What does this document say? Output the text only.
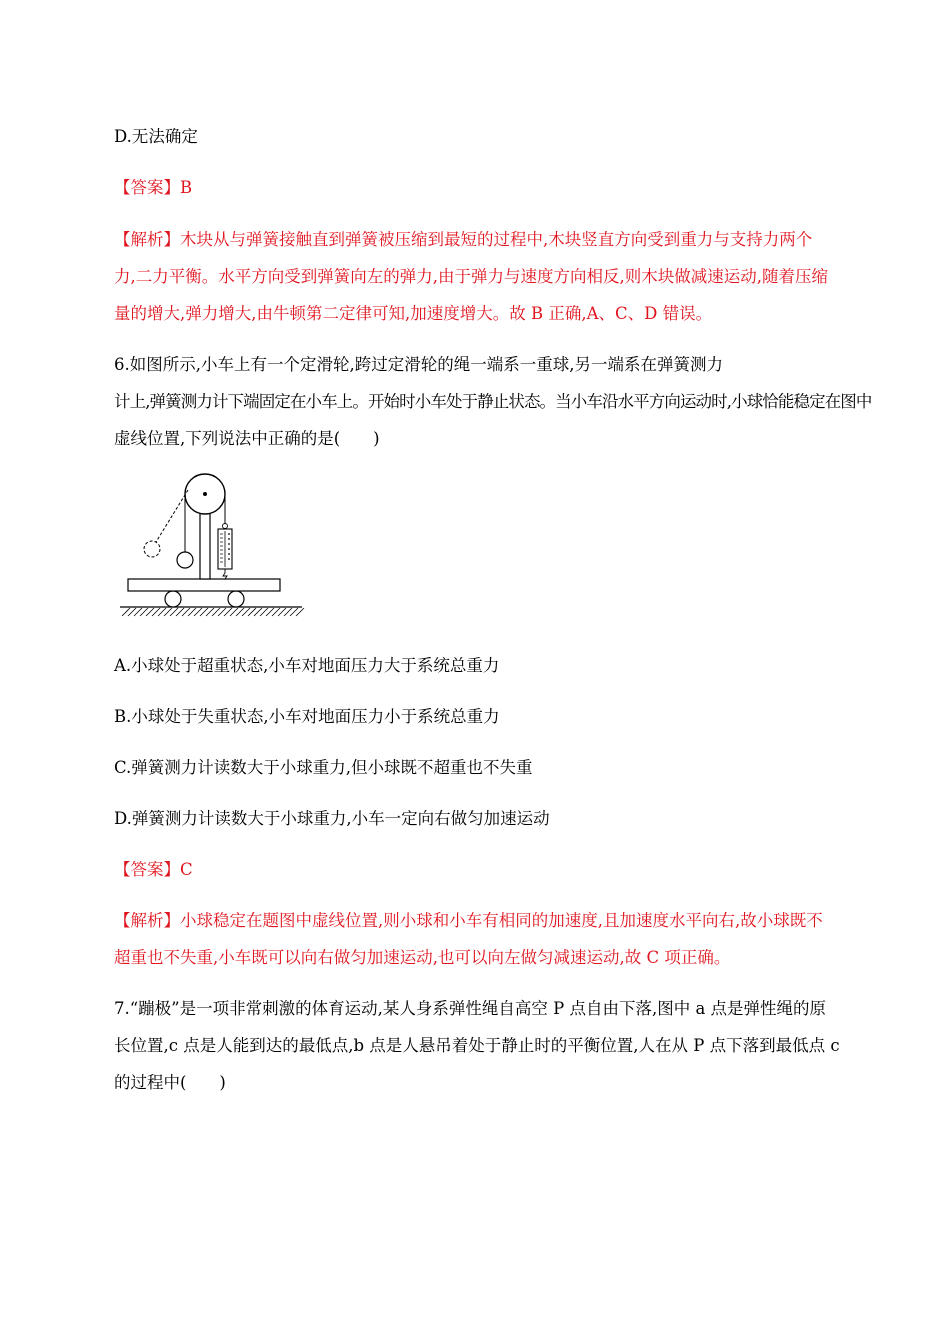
D.无法确定
【答案】B
【解析】木块从与弹簧接触直到弹簧被压缩到最短的过程中,木块竖直方向受到重力与支持力两个
力,二力平衡。水平方向受到弹簧向左的弹力,由于弹力与速度方向相反,则木块做减速运动,随着压缩
量的增大,弹力增大,由牛顿第二定律可知,加速度增大。故 B 正确,A、C、D 错误。
6.如图所示,小车上有一个定滑轮,跨过定滑轮的绳一端系一重球,另一端系在弹簧测力
计上,弹簧测力计下端固定在小车上。开始时小车处于静止状态。当小车沿水平方向运动时,小球恰能稳定在图中
虚线位置,下列说法中正确的是(　　)
A.小球处于超重状态,小车对地面压力大于系统总重力
B.小球处于失重状态,小车对地面压力小于系统总重力
C.弹簧测力计读数大于小球重力,但小球既不超重也不失重
D.弹簧测力计读数大于小球重力,小车一定向右做匀加速运动
【答案】C
【解析】小球稳定在题图中虚线位置,则小球和小车有相同的加速度,且加速度水平向右,故小球既不
超重也不失重,小车既可以向右做匀加速运动,也可以向左做匀减速运动,故 C 项正确。
7.“蹦极”是一项非常刺激的体育运动,某人身系弹性绳自高空 P 点自由下落,图中 a 点是弹性绳的原
长位置,c 点是人能到达的最低点,b 点是人悬吊着处于静止时的平衡位置,人在从 P 点下落到最低点 c
的过程中(　　)
